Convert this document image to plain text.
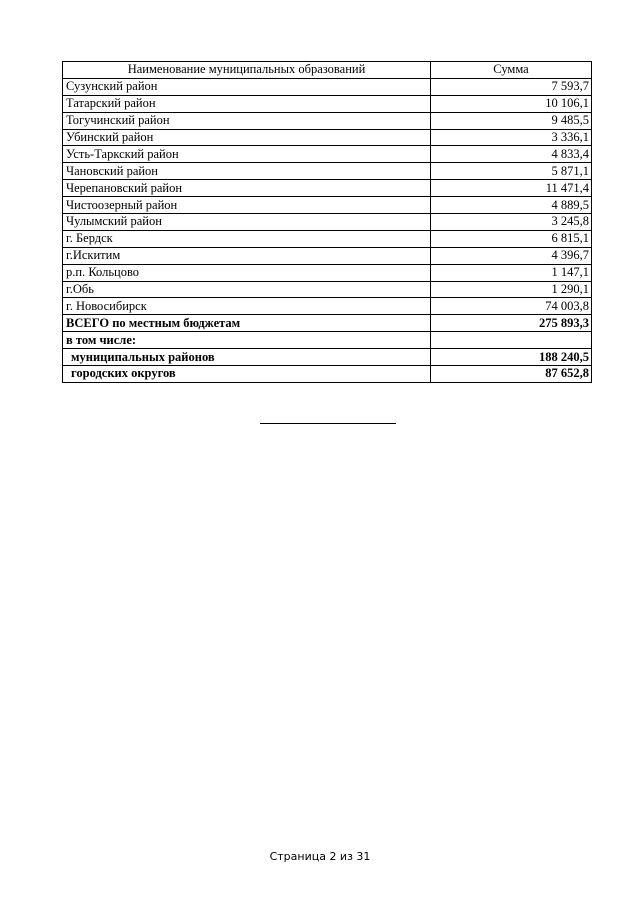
Наименование муниципальных образований	Сумма
Сузунский район	7 593,7
Татарский район	10 106,1
Тогучинский район	9 485,5
Убинский район	3 336,1
Усть-Таркский район	4 833,4
Чановский район	5 871,1
Черепановский район	11 471,4
Чистоозерный район	4 889,5
Чулымский район	3 245,8
г. Бердск	6 815,1
г.Искитим	4 396,7
р.п. Кольцово	1 147,1
г.Обь	1 290,1
г. Новосибирск	74 003,8
ВСЕГО по местным бюджетам	275 893,3
в том числе:	
муниципальных районов	188 240,5
городских округов	87 652,8
Страница 2 из 31
